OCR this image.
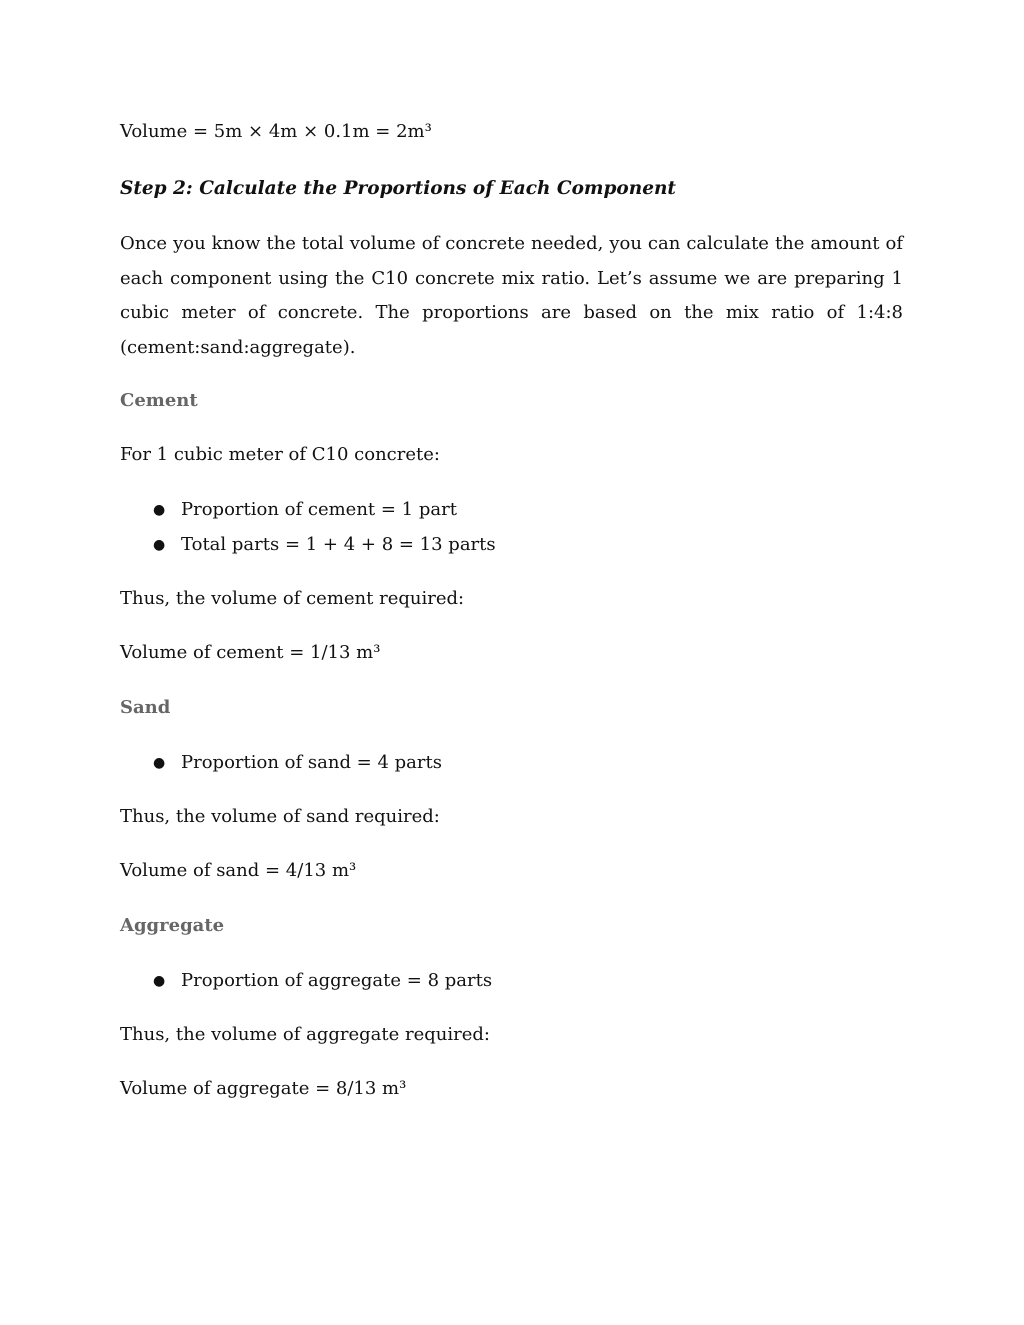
Volume = 5m × 4m × 0.1m = 2m³

Step 2: Calculate the Proportions of Each Component

Once you know the total volume of concrete needed, you can calculate the amount of each component using the C10 concrete mix ratio. Let’s assume we are preparing 1 cubic meter of concrete. The proportions are based on the mix ratio of 1:4:8 (cement:sand:aggregate).

Cement

For 1 cubic meter of C10 concrete:

● Proportion of cement = 1 part
● Total parts = 1 + 4 + 8 = 13 parts

Thus, the volume of cement required:

Volume of cement = 1/13 m³

Sand

● Proportion of sand = 4 parts

Thus, the volume of sand required:

Volume of sand = 4/13 m³

Aggregate

● Proportion of aggregate = 8 parts

Thus, the volume of aggregate required:

Volume of aggregate = 8/13 m³
